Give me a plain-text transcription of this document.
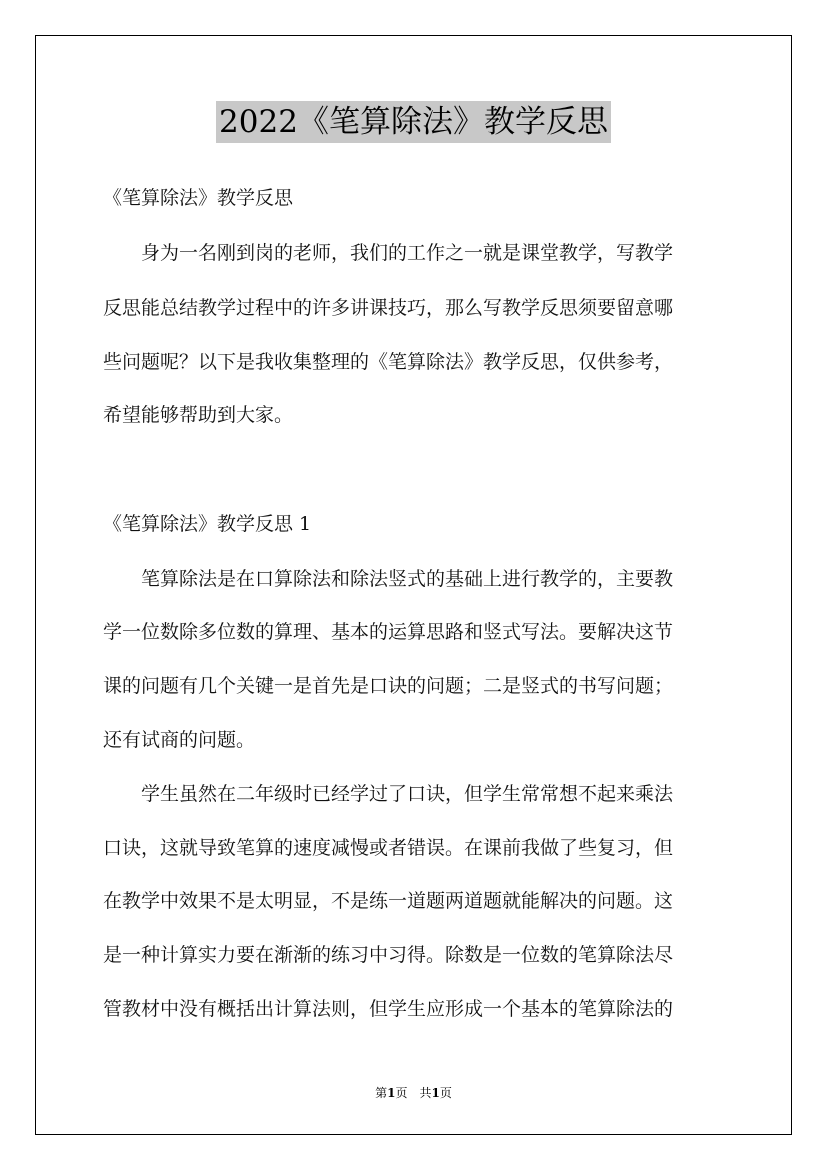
2022《笔算除法》教学反思
《笔算除法》教学反思
　　身为一名刚到岗的老师，我们的工作之一就是课堂教学，写教学
反思能总结教学过程中的许多讲课技巧，那么写教学反思须要留意哪
些问题呢？以下是我收集整理的《笔算除法》教学反思，仅供参考，
希望能够帮助到大家。
《笔算除法》教学反思 1
　　笔算除法是在口算除法和除法竖式的基础上进行教学的，主要教
学一位数除多位数的算理、基本的运算思路和竖式写法。要解决这节
课的问题有几个关键一是首先是口诀的问题；二是竖式的书写问题；
还有试商的问题。
　　学生虽然在二年级时已经学过了口诀，但学生常常想不起来乘法
口诀，这就导致笔算的速度减慢或者错误。在课前我做了些复习，但
在教学中效果不是太明显，不是练一道题两道题就能解决的问题。这
是一种计算实力要在渐渐的练习中习得。除数是一位数的笔算除法尽
管教材中没有概括出计算法则，但学生应形成一个基本的笔算除法的
第1页　共1页
